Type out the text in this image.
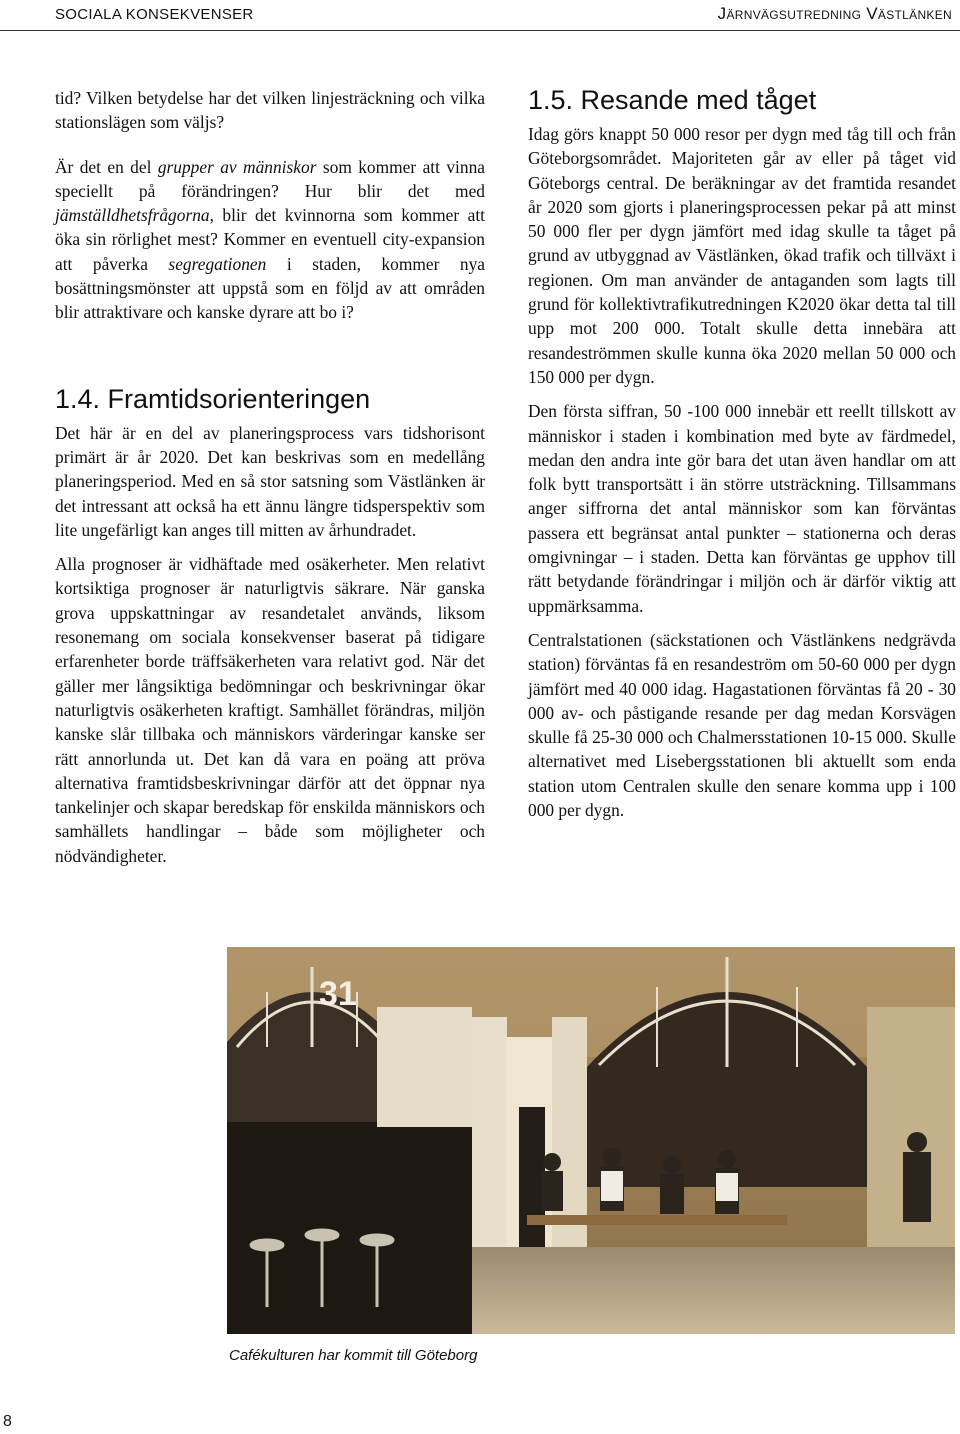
SOCIALA KONSEKVENSER	Järnvägsutredning Västlänken

tid? Vilken betydelse har det vilken linjesträckning och vilka stationslägen som väljs?

Är det en del grupper av människor som kommer att vinna speciellt på förändringen? Hur blir det med jämställdhetsfrågorna, blir det kvinnorna som kommer att öka sin rörlighet mest? Kommer en eventuell city-expansion att påverka segregationen i staden, kommer nya bosättningsmönster att uppstå som en följd av att områden blir attraktivare och kanske dyrare att bo i?

1.4. Framtidsorienteringen

Det här är en del av planeringsprocess vars tidshorisont primärt är år 2020. Det kan beskrivas som en medellång planeringsperiod. Med en så stor satsning som Västlänken är det intressant att också ha ett ännu längre tidsperspektiv som lite ungefärligt kan anges till mitten av århundradet.

Alla prognoser är vidhäftade med osäkerheter. Men relativt kortsiktiga prognoser är naturligtvis säkrare. När ganska grova uppskattningar av resandetalet används, liksom resonemang om sociala konsekvenser baserat på tidigare erfarenheter borde träffsäkerheten vara relativt god. När det gäller mer långsiktiga bedömningar och beskrivningar ökar naturligtvis osäkerheten kraftigt. Samhället förändras, miljön kanske slår tillbaka och människors värderingar kanske ser rätt annorlunda ut. Det kan då vara en poäng att pröva alternativa framtidsbeskrivningar därför att det öppnar nya tankelinjer och skapar beredskap för enskilda människors och samhällets handlingar – både som möjligheter och nödvändigheter.

1.5. Resande med tåget

Idag görs knappt 50 000 resor per dygn med tåg till och från Göteborgsområdet. Majoriteten går av eller på tåget vid Göteborgs central. De beräkningar av det framtida resandet år 2020 som gjorts i planeringsprocessen pekar på att minst 50 000 fler per dygn jämfört med idag skulle ta tåget på grund av utbyggnad av Västlänken, ökad trafik och tillväxt i regionen. Om man använder de antaganden som lagts till grund för kollektivtrafikutredningen K2020 ökar detta tal till upp mot 200 000. Totalt skulle detta innebära att resandeströmmen skulle kunna öka 2020 mellan 50 000 och 150 000 per dygn.

Den första siffran, 50 -100 000 innebär ett reellt tillskott av människor i staden i kombination med byte av färdmedel, medan den andra inte gör bara det utan även handlar om att folk bytt transportsätt i än större utsträckning. Tillsammans anger siffrorna det antal människor som kan förväntas passera ett begränsat antal punkter – stationerna och deras omgivningar – i staden. Detta kan förväntas ge upphov till rätt betydande förändringar i miljön och är därför viktig att uppmärksamma.

Centralstationen (säckstationen och Västlänkens nedgrävda station) förväntas få en resandeström om 50-60 000 per dygn jämfört med 40 000 idag. Hagastationen förväntas få 20 - 30 000 av- och påstigande resande per dag medan Korsvägen skulle få 25-30 000 och Chalmersstationen 10-15 000. Skulle alternativet med Lisebergsstationen bli aktuellt som enda station utom Centralen skulle den senare komma upp i 100 000 per dygn.

31
Cafékulturen har kommit till Göteborg
8
